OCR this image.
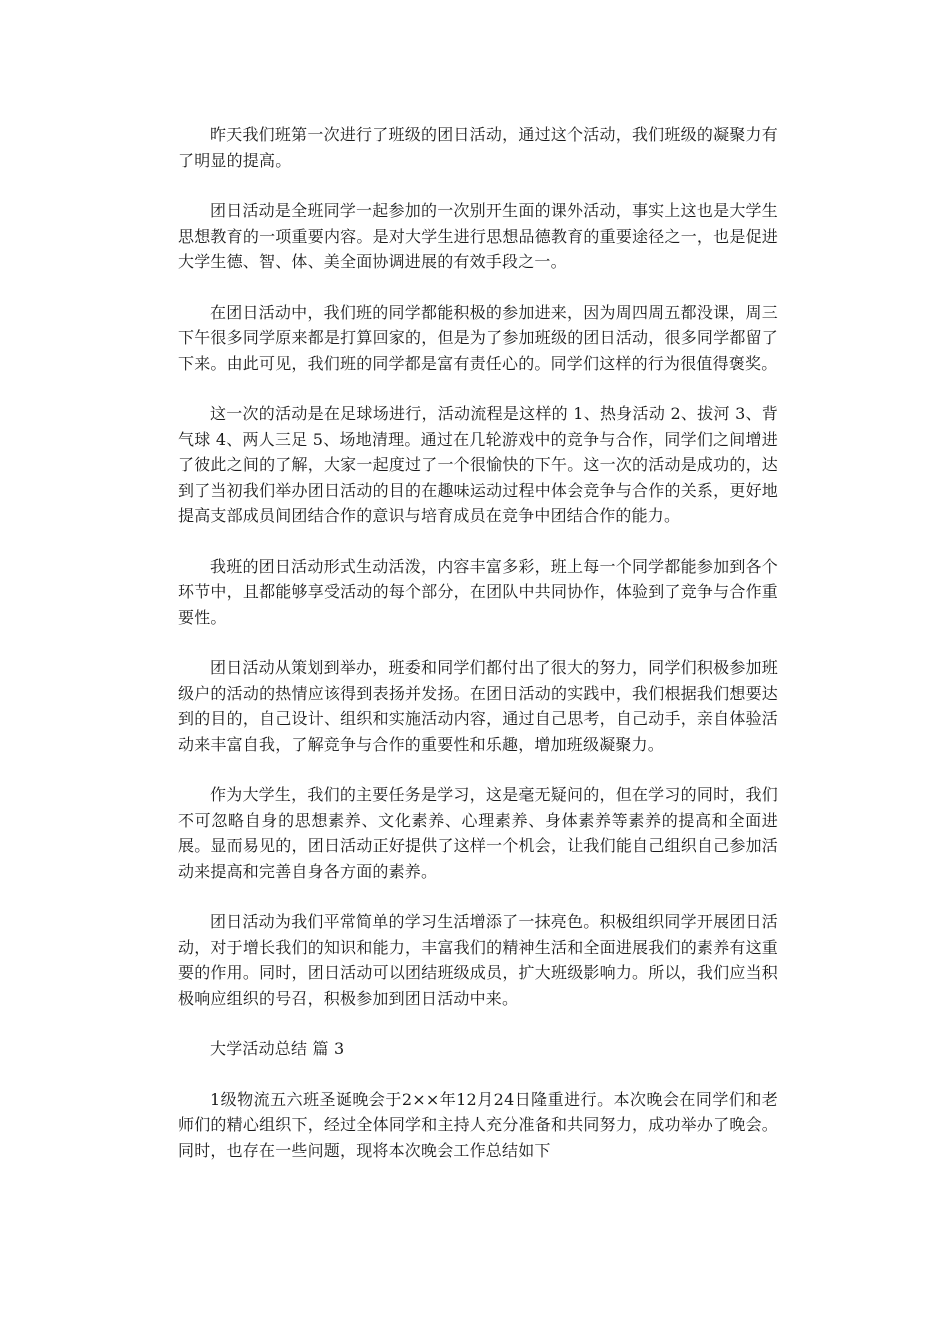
昨天我们班第一次进行了班级的团日活动，通过这个活动，我们班级的凝聚力有了明显的提高。

团日活动是全班同学一起参加的一次别开生面的课外活动，事实上这也是大学生思想教育的一项重要内容。是对大学生进行思想品德教育的重要途径之一，也是促进大学生德、智、体、美全面协调进展的有效手段之一。

在团日活动中，我们班的同学都能积极的参加进来，因为周四周五都没课，周三下午很多同学原来都是打算回家的，但是为了参加班级的团日活动，很多同学都留了下来。由此可见，我们班的同学都是富有责任心的。同学们这样的行为很值得褒奖。

这一次的活动是在足球场进行，活动流程是这样的 1、热身活动 2、拔河 3、背气球 4、两人三足 5、场地清理。通过在几轮游戏中的竞争与合作，同学们之间增进了彼此之间的了解，大家一起度过了一个很愉快的下午。这一次的活动是成功的，达到了当初我们举办团日活动的目的在趣味运动过程中体会竞争与合作的关系，更好地提高支部成员间团结合作的意识与培育成员在竞争中团结合作的能力。

我班的团日活动形式生动活泼，内容丰富多彩，班上每一个同学都能参加到各个环节中，且都能够享受活动的每个部分，在团队中共同协作，体验到了竞争与合作重要性。

团日活动从策划到举办，班委和同学们都付出了很大的努力，同学们积极参加班级户的活动的热情应该得到表扬并发扬。在团日活动的实践中，我们根据我们想要达到的目的，自己设计、组织和实施活动内容，通过自己思考，自己动手，亲自体验活动来丰富自我，了解竞争与合作的重要性和乐趣，增加班级凝聚力。

作为大学生，我们的主要任务是学习，这是毫无疑问的，但在学习的同时，我们不可忽略自身的思想素养、文化素养、心理素养、身体素养等素养的提高和全面进展。显而易见的，团日活动正好提供了这样一个机会，让我们能自己组织自己参加活动来提高和完善自身各方面的素养。

团日活动为我们平常简单的学习生活增添了一抹亮色。积极组织同学开展团日活动，对于增长我们的知识和能力，丰富我们的精神生活和全面进展我们的素养有这重要的作用。同时，团日活动可以团结班级成员，扩大班级影响力。所以，我们应当积极响应组织的号召，积极参加到团日活动中来。

大学活动总结 篇 3

1级物流五六班圣诞晚会于2××年12月24日隆重进行。本次晚会在同学们和老师们的精心组织下，经过全体同学和主持人充分准备和共同努力，成功举办了晚会。同时，也存在一些问题，现将本次晚会工作总结如下
